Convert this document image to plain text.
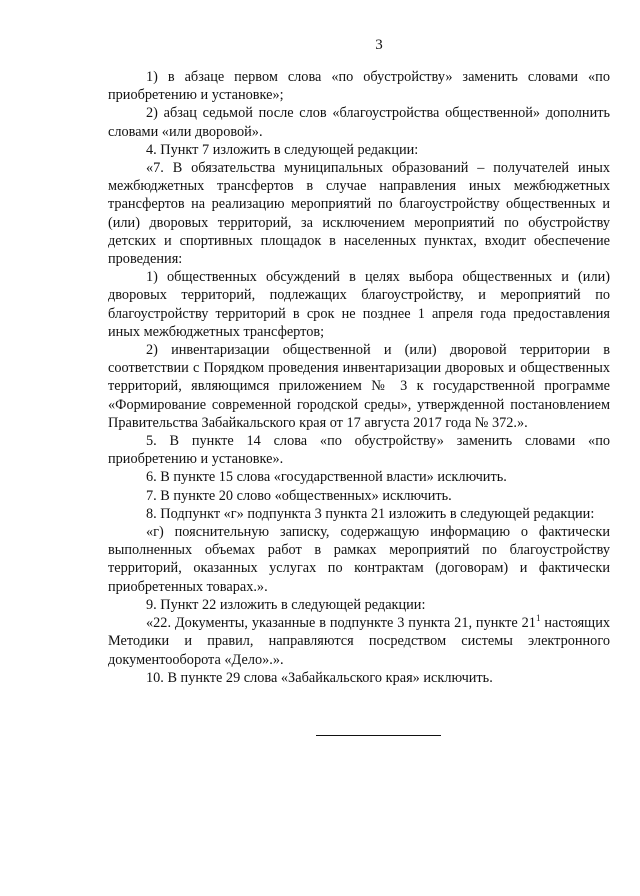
3

1) в абзаце первом слова «по обустройству» заменить словами «по приобретению и установке»;

2) абзац седьмой после слов «благоустройства общественной» дополнить словами «или дворовой».

4. Пункт 7 изложить в следующей редакции:

«7. В обязательства муниципальных образований – получателей иных межбюджетных трансфертов в случае направления иных межбюджетных трансфертов на реализацию мероприятий по благоустройству общественных и (или) дворовых территорий, за исключением мероприятий по обустройству детских и спортивных площадок в населенных пунктах, входит обеспечение проведения:

1) общественных обсуждений в целях выбора общественных и (или) дворовых территорий, подлежащих благоустройству, и мероприятий по благоустройству территорий в срок не позднее 1 апреля года предоставления иных межбюджетных трансфертов;

2) инвентаризации общественной и (или) дворовой территории в соответствии с Порядком проведения инвентаризации дворовых и общественных территорий, являющимся приложением № 3 к государственной программе «Формирование современной городской среды», утвержденной постановлением Правительства Забайкальского края от 17 августа 2017 года № 372.».

5. В пункте 14 слова «по обустройству» заменить словами «по приобретению и установке».

6. В пункте 15 слова «государственной власти» исключить.

7. В пункте 20 слово «общественных» исключить.

8. Подпункт «г» подпункта 3 пункта 21 изложить в следующей редакции:

«г) пояснительную записку, содержащую информацию о фактически выполненных объемах работ в рамках мероприятий по благоустройству территорий, оказанных услугах по контрактам (договорам) и фактически приобретенных товарах.».

9. Пункт 22 изложить в следующей редакции:

«22. Документы, указанные в подпункте 3 пункта 21, пункте $21^1$ настоящих Методики и правил, направляются посредством системы электронного документооборота «Дело».».

10. В пункте 29 слова «Забайкальского края» исключить.
